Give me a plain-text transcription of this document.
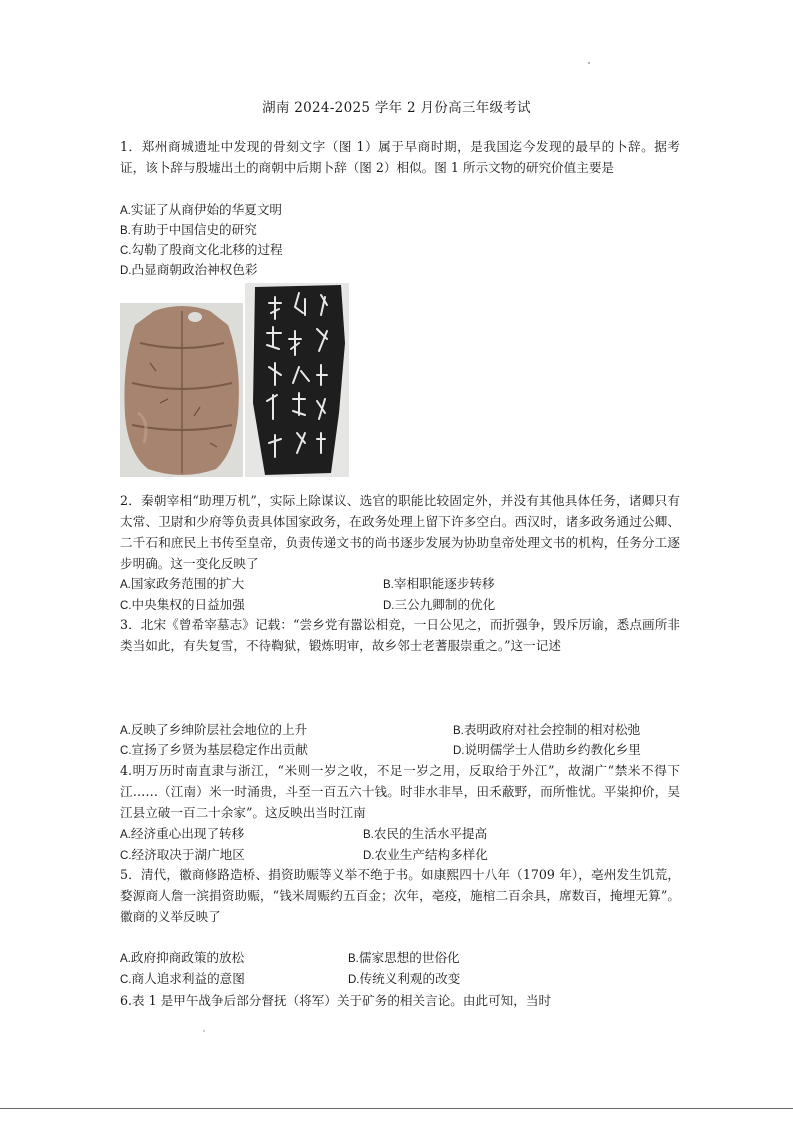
湖南 2024-2025 学年 2 月份高三年级考试
1．郑州商城遗址中发现的骨刻文字（图 1）属于早商时期，是我国迄今发现的最早的卜辞。据考证，该卜辞与殷墟出土的商朝中后期卜辞（图 2）相似。图 1 所示文物的研究价值主要是
A.实证了从商伊始的华夏文明
B.有助于中国信史的研究
C.勾勒了殷商文化北移的过程
D.凸显商朝政治神权色彩
2．秦朝宰相“助理万机”，实际上除谋议、选官的职能比较固定外，并没有其他具体任务，诸卿只有太常、卫尉和少府等负责具体国家政务，在政务处理上留下许多空白。西汉时，诸多政务通过公卿、二千石和庶民上书传至皇帝，负责传递文书的尚书逐步发展为协助皇帝处理文书的机构，任务分工逐步明确。这一变化反映了
A.国家政务范围的扩大	B.宰相职能逐步转移
C.中央集权的日益加强	D.三公九卿制的优化
3．北宋《曾希宰墓志》记载：“尝乡党有嚣讼相竞，一日公见之，而折强争，毁斥厉谕，悉点画所非类当如此，有失复雪，不待鞫狱，锻炼明审，故乡邻士老蓍服崇重之。”这一记述
A.反映了乡绅阶层社会地位的上升	B.表明政府对社会控制的相对松弛
C.宣扬了乡贤为基层稳定作出贡献	D.说明儒学士人借助乡约教化乡里
4.明万历时南直隶与浙江，“米则一岁之收，不足一岁之用，反取给于外江”，故湖广“禁米不得下江……（江南）米一时涌贵，斗至一百五六十钱。时非水非旱，田禾蔽野，而所惟忧。平粜抑价，吴江县立破一百二十余家”。这反映出当时江南
A.经济重心出现了转移	B.农民的生活水平提高
C.经济取决于湖广地区	D.农业生产结构多样化
5．清代，徽商修路造桥、捐资助赈等义举不绝于书。如康熙四十八年（1709 年），亳州发生饥荒，婺源商人詹一滨捐资助赈，“钱米周赈约五百金；次年，亳疫，施棺二百余具，席数百，掩埋无算”。徽商的义举反映了
A.政府抑商政策的放松	B.儒家思想的世俗化
C.商人追求利益的意图	D.传统义利观的改变
6.表 1 是甲午战争后部分督抚（将军）关于矿务的相关言论。由此可知，当时
